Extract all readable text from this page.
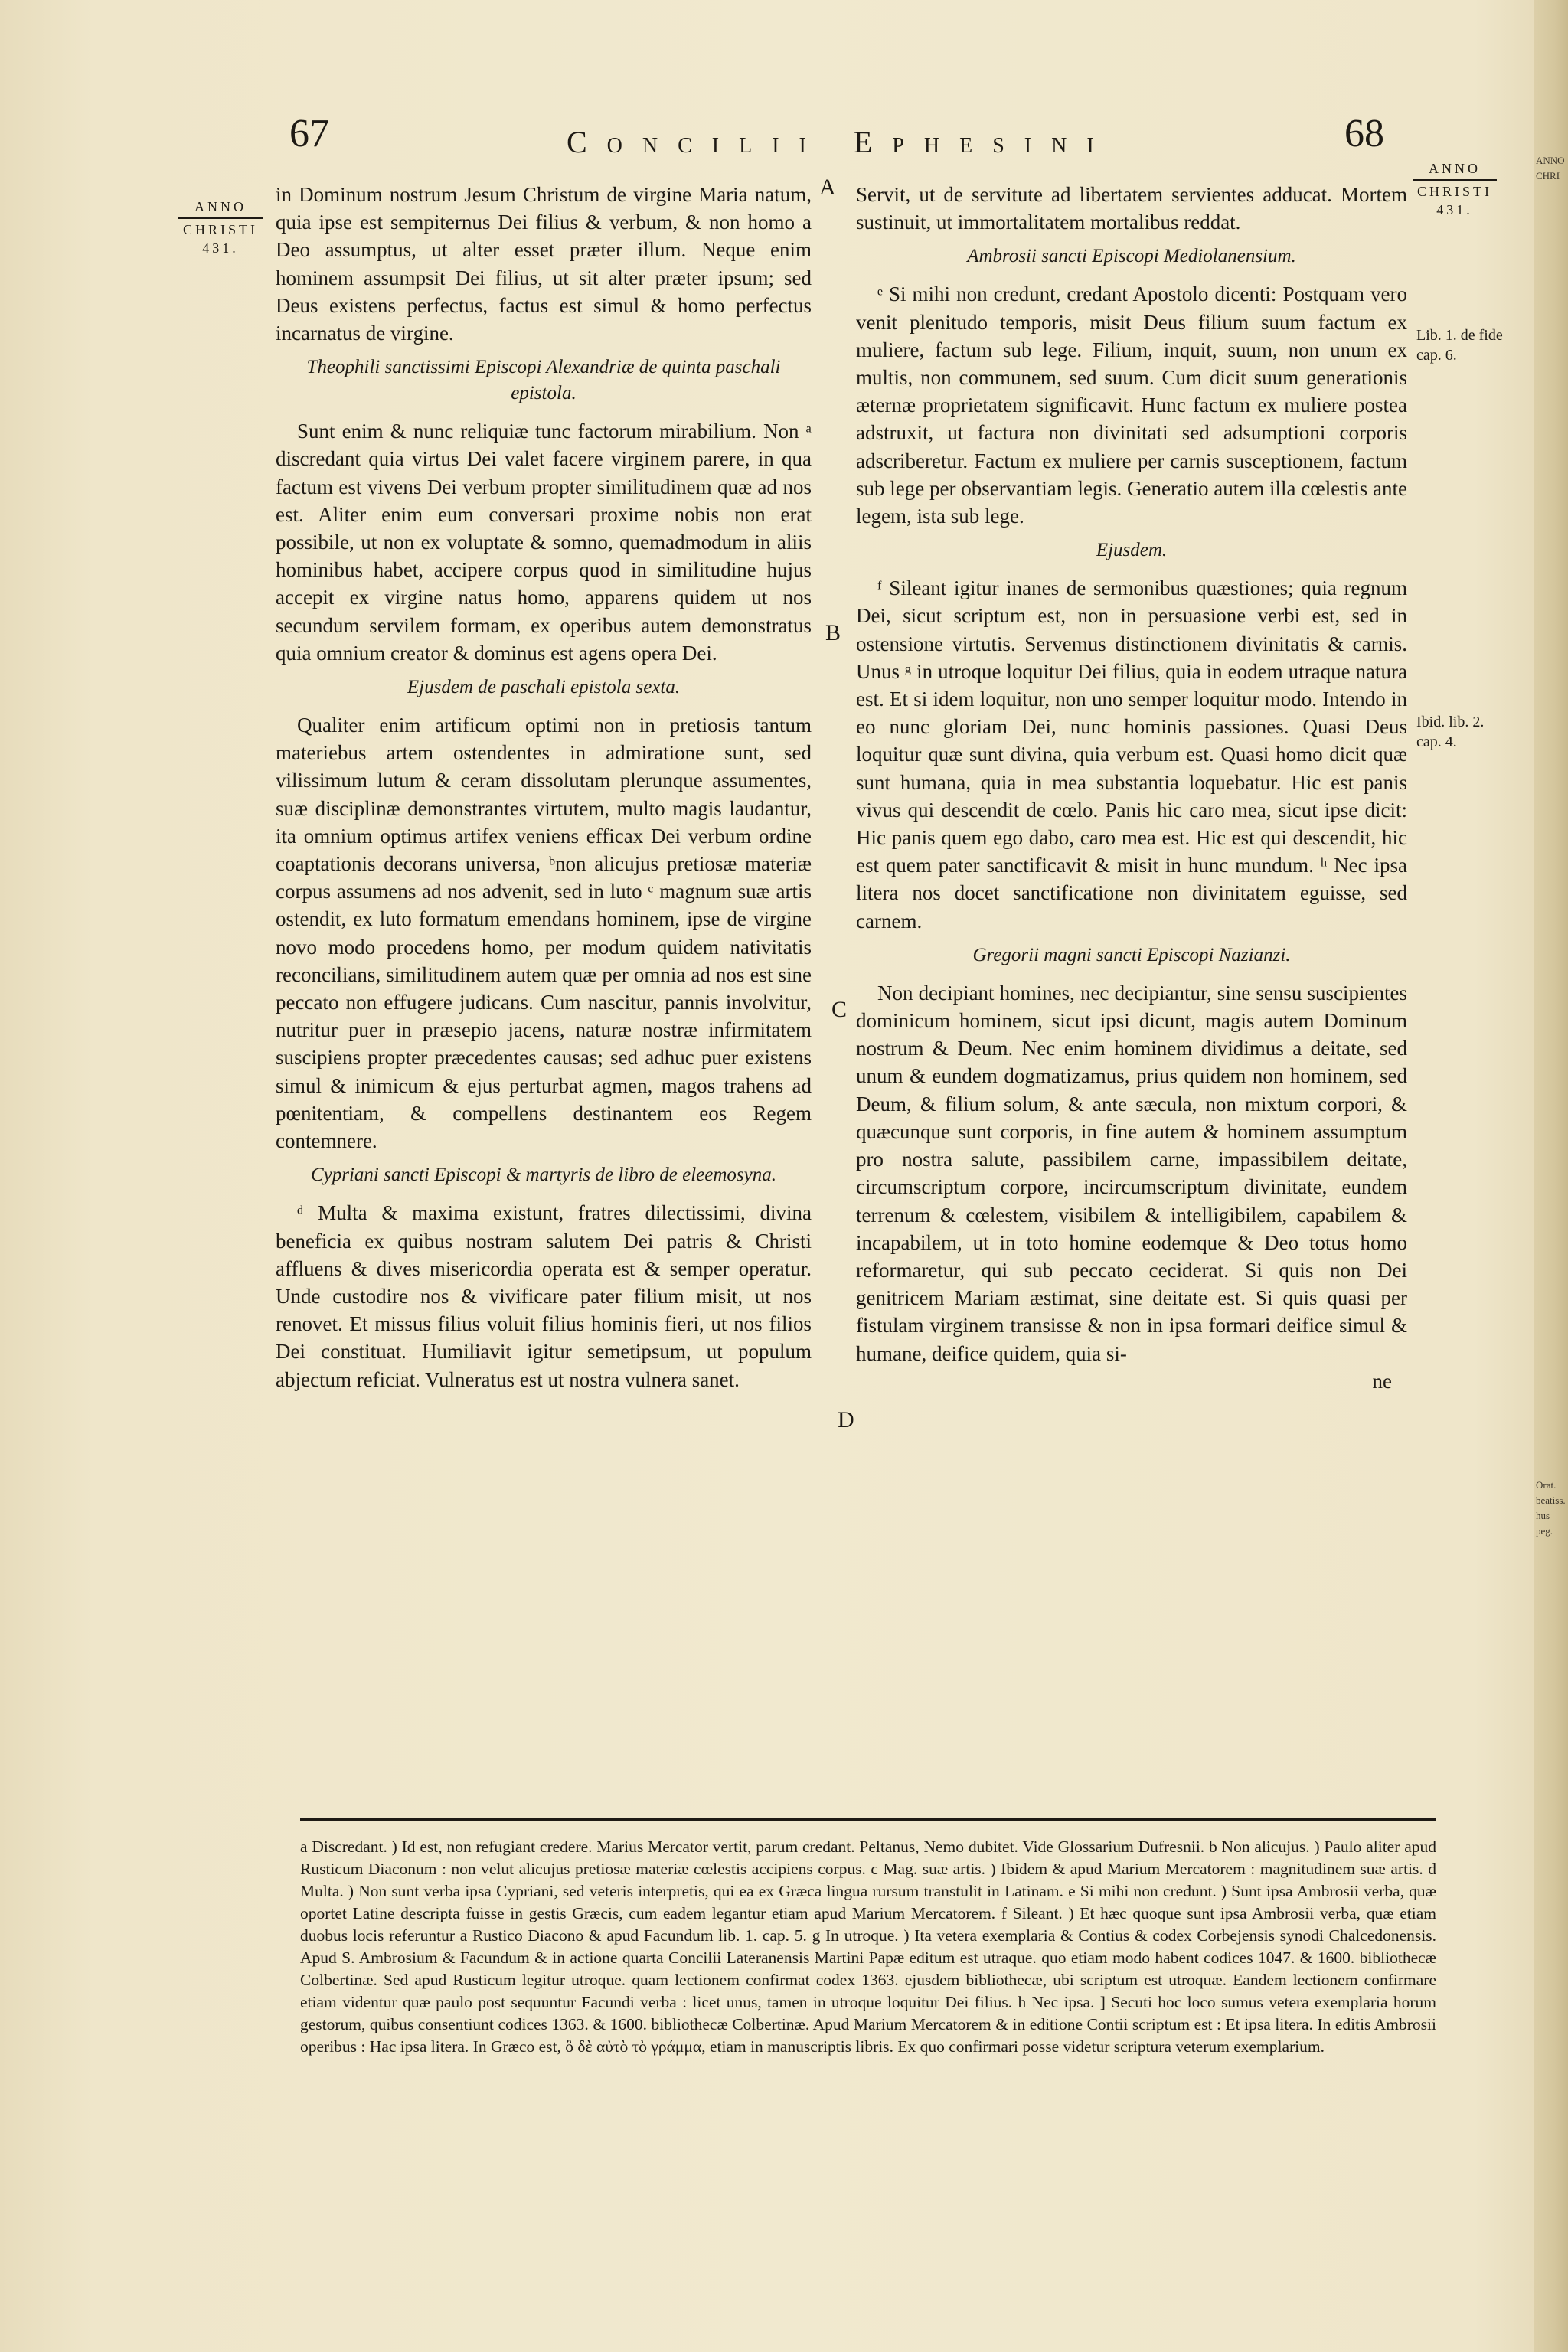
67	Concilii Ephesini	68
ANNO
CHRISTI
431.
ANNO
CHRISTI
431.

in Dominum nostrum Jesum Christum de virgine Maria natum, quia ipse est sempiternus Dei filius & verbum, & non homo a Deo assumptus, ut alter esset præter illum. Neque enim hominem assumpsit Dei filius, ut sit alter præter ipsum; sed Deus existens perfectus, factus est simul & homo perfectus incarnatus de virgine.

Theophili sanctissimi Episcopi Alexandriæ de quinta paschali epistola.

Sunt enim & nunc reliquiæ tunc factorum mirabilium. Non ᵃ discredant quia virtus Dei valet facere virginem parere, in qua factum est vivens Dei verbum propter similitudinem quæ ad nos est. Aliter enim eum conversari proxime nobis non erat possibile, ut non ex voluptate & somno, quemadmodum in aliis hominibus habet, accipere corpus quod in similitudine hujus accepit ex virgine natus homo, apparens quidem ut nos secundum servilem formam, ex operibus autem demonstratus quia omnium creator & dominus est agens opera Dei.

Ejusdem de paschali epistola sexta.

Qualiter enim artificum optimi non in pretiosis tantum materiebus artem ostendentes in admiratione sunt, sed vilissimum lutum & ceram dissolutam plerunque assumentes, suæ disciplinæ demonstrantes virtutem, multo magis laudantur, ita omnium optimus artifex veniens efficax Dei verbum ordine coaptationis decorans universa, ᵇnon alicujus pretiosæ materiæ corpus assumens ad nos advenit, sed in luto ᶜ magnum suæ artis ostendit, ex luto formatum emendans hominem, ipse de virgine novo modo procedens homo, per modum quidem nativitatis reconcilians, similitudinem autem quæ per omnia ad nos est sine peccato non effugere judicans. Cum nascitur, pannis involvitur, nutritur puer in præsepio jacens, naturæ nostræ infirmitatem suscipiens propter præcedentes causas; sed adhuc puer existens simul & inimicum & ejus perturbat agmen, magos trahens ad pœnitentiam, & compellens destinantem eos Regem contemnere.

Cypriani sancti Episcopi & martyris de libro de eleemosyna.

ᵈ Multa & maxima existunt, fratres dilectissimi, divina beneficia ex quibus nostram salutem Dei patris & Christi affluens & dives misericordia operata est & semper operatur. Unde custodire nos & vivificare pater filium misit, ut nos renovet. Et missus filius voluit filius hominis fieri, ut nos filios Dei constituat. Humiliavit igitur semetipsum, ut populum abjectum reficiat. Vulneratus est ut nostra vulnera sanet.

A
B
C
D

Servit, ut de servitute ad libertatem servientes adducat. Mortem sustinuit, ut immortalitatem mortalibus reddat.

Ambrosii sancti Episcopi Mediolanensium.

ᵉ Si mihi non credunt, credant Apostolo dicenti: Postquam vero venit plenitudo temporis, misit Deus filium suum factum ex muliere, factum sub lege. Filium, inquit, suum, non unum ex multis, non communem, sed suum. Cum dicit suum generationis æternæ proprietatem significavit. Hunc factum ex muliere postea adstruxit, ut factura non divinitati sed adsumptioni corporis adscriberetur. Factum ex muliere per carnis susceptionem, factum sub lege per observantiam legis. Generatio autem illa cœlestis ante legem, ista sub lege.

Ejusdem.

ᶠ Sileant igitur inanes de sermonibus quæstiones; quia regnum Dei, sicut scriptum est, non in persuasione verbi est, sed in ostensione virtutis. Servemus distinctionem divinitatis & carnis. Unus ᵍ in utroque loquitur Dei filius, quia in eodem utraque natura est. Et si idem loquitur, non uno semper loquitur modo. Intendo in eo nunc gloriam Dei, nunc hominis passiones. Quasi Deus loquitur quæ sunt divina, quia verbum est. Quasi homo dicit quæ sunt humana, quia in mea substantia loquebatur. Hic est panis vivus qui descendit de cœlo. Panis hic caro mea, sicut ipse dicit: Hic panis quem ego dabo, caro mea est. Hic est qui descendit, hic est quem pater sanctificavit & misit in hunc mundum. ʰ Nec ipsa litera nos docet sanctificatione non divinitatem eguisse, sed carnem.

Gregorii magni sancti Episcopi Nazianzi.

Non decipiant homines, nec decipiantur, sine sensu suscipientes dominicum hominem, sicut ipsi dicunt, magis autem Dominum nostrum & Deum. Nec enim hominem dividimus a deitate, sed unum & eundem dogmatizamus, prius quidem non hominem, sed Deum, & filium solum, & ante sæcula, non mixtum corpori, & quæcunque sunt corporis, in fine autem & hominem assumptum pro nostra salute, passibilem carne, impassibilem deitate, circumscriptum corpore, incircumscriptum divinitate, eundem terrenum & cœlestem, visibilem & intelligibilem, capabilem & incapabilem, ut in toto homine eodemque & Deo totus homo reformaretur, qui sub peccato ceciderat. Si quis non Dei genitricem Mariam æstimat, sine deitate est. Si quis quasi per fistulam virginem transisse & non in ipsa formari deifice simul & humane, deifice quidem, quia si-

ne

Lib. 1. de fide cap. 6.
Ibid. lib. 2. cap. 4.

a Discredant. ) Id est, non refugiant credere. Marius Mercator vertit, parum credant. Peltanus, Nemo dubitet. Vide Glossarium Dufresnii. b Non alicujus. ) Paulo aliter apud Rusticum Diaconum : non velut alicujus pretiosæ materiæ cœlestis accipiens corpus. c Mag. suæ artis. ) Ibidem & apud Marium Mercatorem : magnitudinem suæ artis. d Multa. ) Non sunt verba ipsa Cypriani, sed veteris interpretis, qui ea ex Græca lingua rursum transtulit in Latinam. e Si mihi non credunt. ) Sunt ipsa Ambrosii verba, quæ oportet Latine descripta fuisse in gestis Græcis, cum eadem legantur etiam apud Marium Mercatorem. f Sileant. ) Et hæc quoque sunt ipsa Ambrosii verba, quæ etiam duobus locis referuntur a Rustico Diacono & apud Facundum lib. 1. cap. 5. g In utroque. ) Ita vetera exemplaria & Contius & codex Corbejensis synodi Chalcedonensis. Apud S. Ambrosium & Facundum & in actione quarta Concilii Lateranensis Martini Papæ editum est utraque. quo etiam modo habent codices 1047. & 1600. bibliothecæ Colbertinæ. Sed apud Rusticum legitur utroque. quam lectionem confirmat codex 1363. ejusdem bibliothecæ, ubi scriptum est utroquæ. Eandem lectionem confirmare etiam videntur quæ paulo post sequuntur Facundi verba : licet unus, tamen in utroque loquitur Dei filius. h Nec ipsa. ] Secuti hoc loco sumus vetera exemplaria horum gestorum, quibus consentiunt codices 1363. & 1600. bibliothecæ Colbertinæ. Apud Marium Mercatorem & in editione Contii scriptum est : Et ipsa litera. In editis Ambrosii operibus : Hac ipsa litera. In Græco est, ὃ δὲ αὐτὸ τὸ γράμμα, etiam in manuscriptis libris. Ex quo confirmari posse videtur scriptura veterum exemplarium.

ANNO CHRI
Orat. beatiss. hus peg.
